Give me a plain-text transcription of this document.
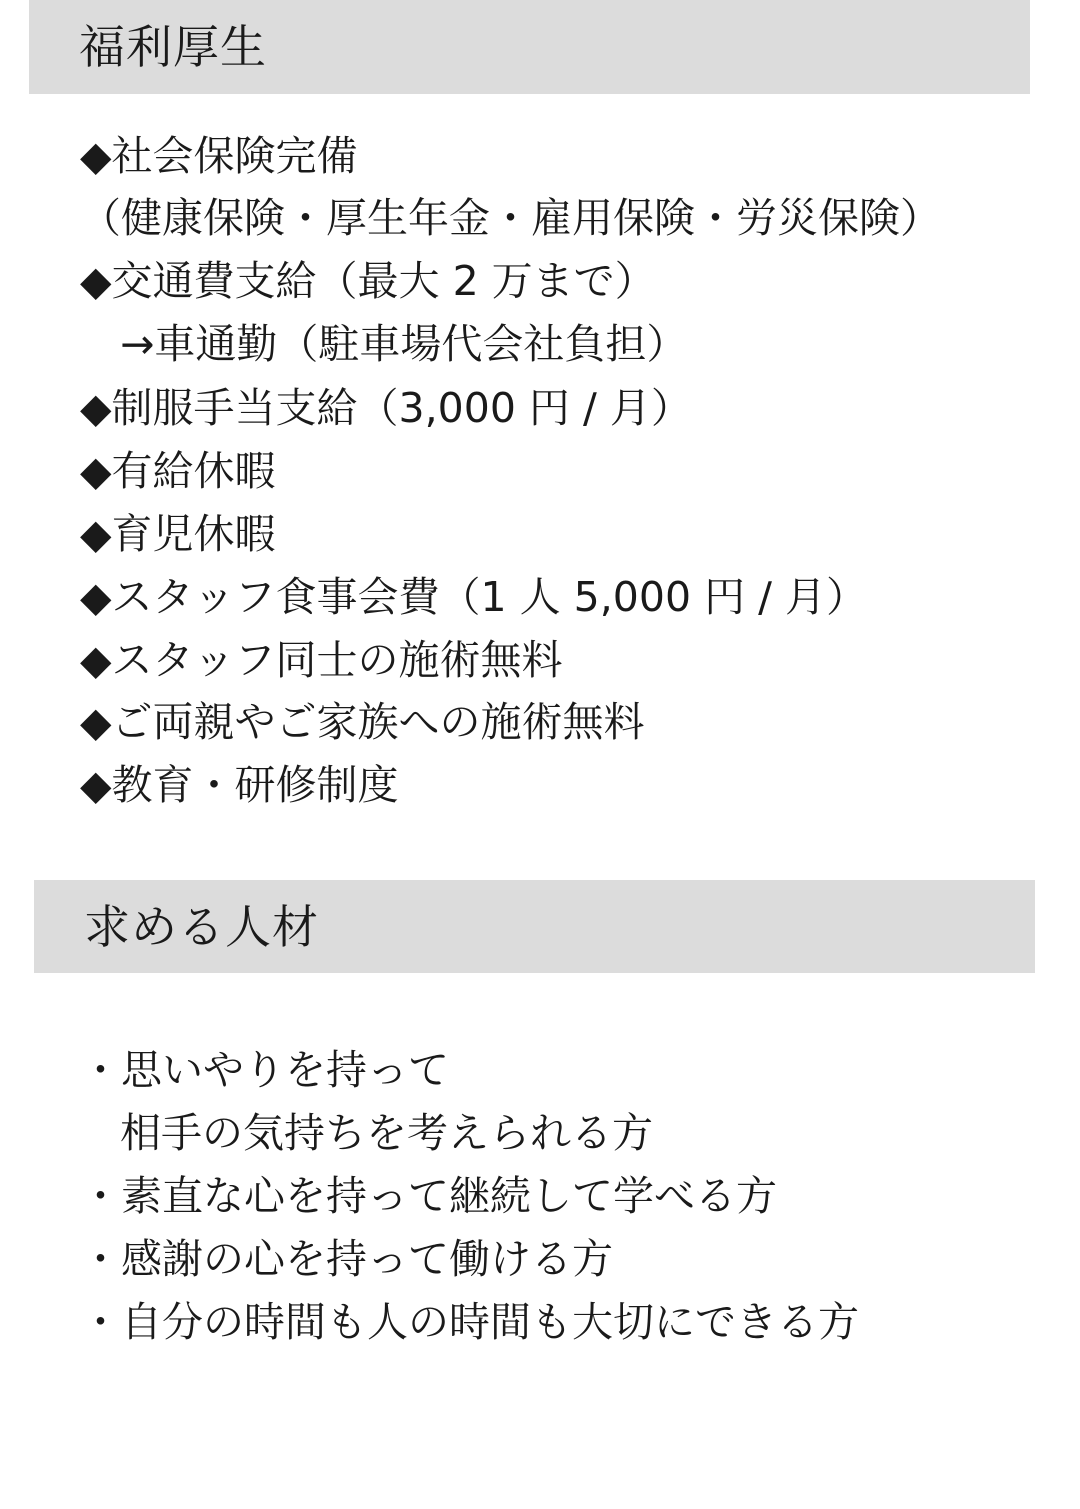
福利厚生
◆社会保険完備
（健康保険・厚生年金・雇用保険・労災保険）
◆交通費支給（最大 2 万まで）
→車通勤（駐車場代会社負担）
◆制服手当支給（3,000 円 / 月）
◆有給休暇
◆育児休暇
◆スタッフ食事会費（1 人 5,000 円 / 月）
◆スタッフ同士の施術無料
◆ご両親やご家族への施術無料
◆教育・研修制度
求める人材
・思いやりを持って
相手の気持ちを考えられる方
・素直な心を持って継続して学べる方
・感謝の心を持って働ける方
・自分の時間も人の時間も大切にできる方
